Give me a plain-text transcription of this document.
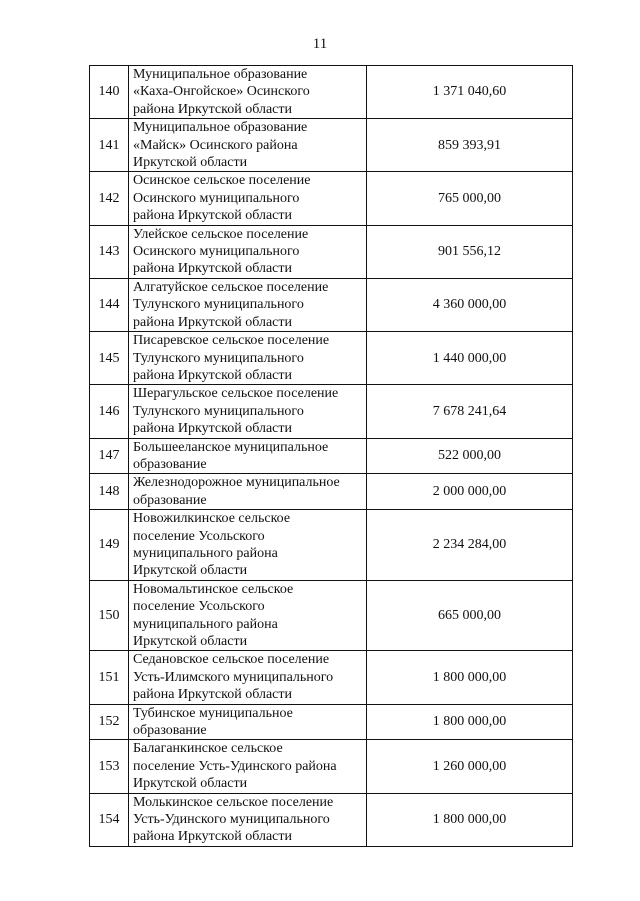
11
140	Муниципальное образование
«Каха-Онгойское» Осинского
района Иркутской области	1 371 040,60
141	Муниципальное образование
«Майск» Осинского района
Иркутской области	859 393,91
142	Осинское сельское поселение
Осинского муниципального
района Иркутской области	765 000,00
143	Улейское сельское поселение
Осинского муниципального
района Иркутской области	901 556,12
144	Алгатуйское сельское поселение
Тулунского муниципального
района Иркутской области	4 360 000,00
145	Писаревское сельское поселение
Тулунского муниципального
района Иркутской области	1 440 000,00
146	Шерагульское сельское поселение
Тулунского муниципального
района Иркутской области	7 678 241,64
147	Большееланское муниципальное
образование	522 000,00
148	Железнодорожное муниципальное
образование	2 000 000,00
149	Новожилкинское сельское
поселение Усольского
муниципального района
Иркутской области	2 234 284,00
150	Новомальтинское сельское
поселение Усольского
муниципального района
Иркутской области	665 000,00
151	Седановское сельское поселение
Усть-Илимского муниципального
района Иркутской области	1 800 000,00
152	Тубинское муниципальное
образование	1 800 000,00
153	Балаганкинское сельское
поселение Усть-Удинского района
Иркутской области	1 260 000,00
154	Молькинское сельское поселение
Усть-Удинского муниципального
района Иркутской области	1 800 000,00
